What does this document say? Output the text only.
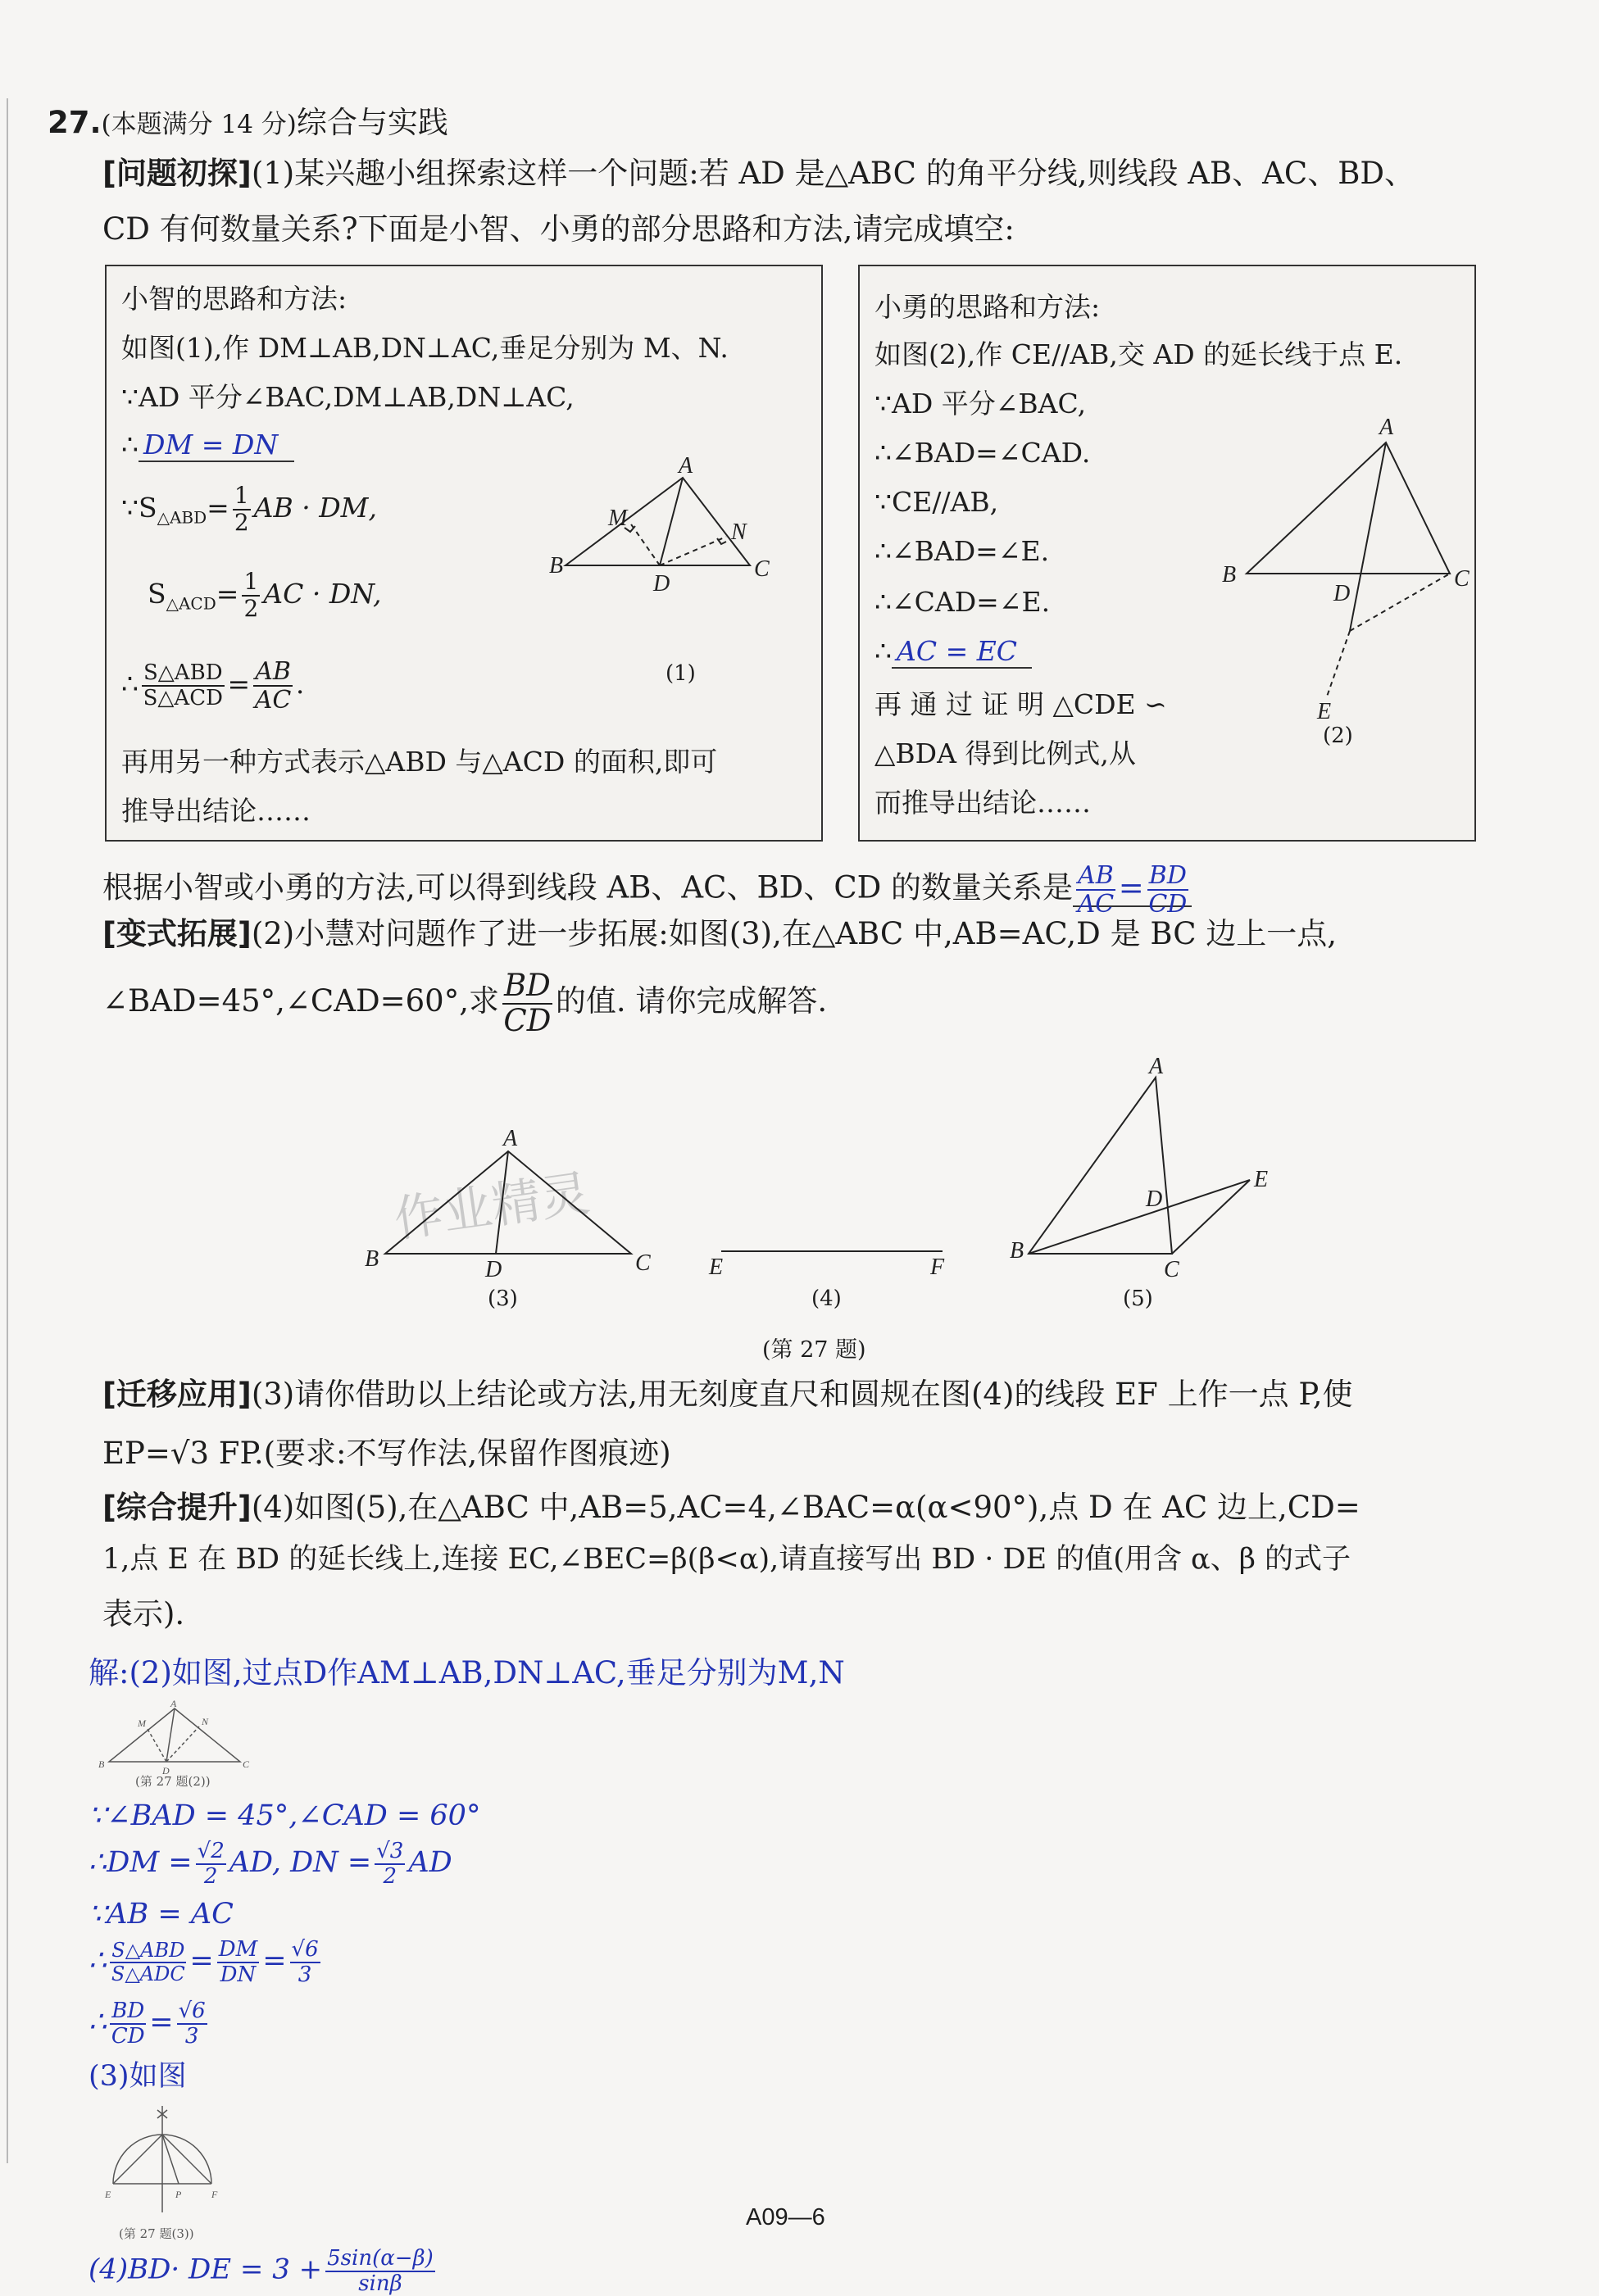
27.(本题满分 14 分)综合与实践
[问题初探](1)某兴趣小组探索这样一个问题:若 AD 是△ABC 的角平分线,则线段 AB、AC、BD、
CD 有何数量关系?下面是小智、小勇的部分思路和方法,请完成填空:
小智的思路和方法:
如图(1),作 DM⊥AB,DN⊥AC,垂足分别为 M、N.
∵AD 平分∠BAC,DM⊥AB,DN⊥AC,
∴ DM = DN
$\because S_{\triangle ABD}= \frac{1}{2}$ AB · DM,
$S_{\triangle ACD}= \frac{1}{2}$ AC · DN,
∴ $\frac{\text{S△ABD}}{\text{S△ACD}} = \frac{AB}{AC}$ .
再用另一种方式表示△ABD 与△ACD 的面积,即可
推导出结论……
A
B	C
D
M
N
(1)
小勇的思路和方法:
如图(2),作 CE//AB,交 AD 的延长线于点 E.
∵AD 平分∠BAC,
∴∠BAD=∠CAD.
∵CE//AB,
∴∠BAD=∠E.
∴∠CAD=∠E.
∴ AC = EC
再 通 过 证 明 △CDE ∽
△BDA 得到比例式,从
而推导出结论……
A
B	C
D
E
(2)
根据小智或小勇的方法,可以得到线段 AB、AC、BD、CD 的数量关系是 $\frac{AB}{AC} = \frac{BD}{CD}$
[变式拓展](2)小慧对问题作了进一步拓展:如图(3),在△ABC 中,AB=AC,D 是 BC 边上一点,
∠BAD=45°,∠CAD=60°,求 $\frac{BD}{CD}$ 的值. 请你完成解答.
作业精灵
A
B	C
D	E	F
A
B
C
D
E
(3)	(4)	(5)
(第 27 题)
[迁移应用](3)请你借助以上结论或方法,用无刻度直尺和圆规在图(4)的线段 EF 上作一点 P,使
EP=√3 FP.(要求:不写作法,保留作图痕迹)
[综合提升](4)如图(5),在△ABC 中,AB=5,AC=4,∠BAC=α(α<90°),点 D 在 AC 边上,CD=
1,点 E 在 BD 的延长线上,连接 EC,∠BEC=β(β<α),请直接写出 BD · DE 的值(用含 α、β 的式子
表示).
解:(2)如图,过点D作AM⊥AB,DN⊥AC,垂足分别为M,N
A
B	C
D
M	N
(第 27 题(2))
∵∠BAD = 45°,∠CAD = 60°
∴DM = $\frac{√2}{2}$ AD, DN = $\frac{√3}{2}$ AD
∵AB = AC
∴ $\frac{\text{S△ABD}}{\text{S△ADC}} = \frac{DM}{DN} = \frac{√6}{3}$
∴ $\frac{BD}{CD} = \frac{√6}{3}$
(3)如图
E	P	F
(第 27 题(3))
A09—6
(4)BD· DE = $3 + \frac{5\sin(\alpha-\beta)}{\sin\beta}$
